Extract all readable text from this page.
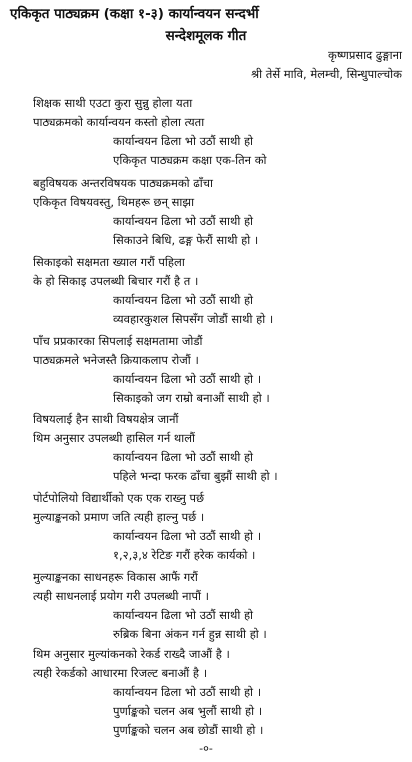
एकिकृत पाठ्यक्रम (कक्षा १-३) कार्यान्वयन सन्दर्भी
सन्देशमूलक गीत
कृष्णप्रसाद ढुङ्गाना
श्री तेर्से मावि, मेलम्ची, सिन्धुपाल्चोक
शिक्षक साथी एउटा कुरा सुन्नु होला यता
पाठ्यक्रमको कार्यान्वयन कस्तो होला त्यता
कार्यान्वयन ढिला भो उठौं साथी हो
एकिकृत पाठ्यक्रम कक्षा एक-तिन को
बहुविषयक अन्तरविषयक पाठ्यक्रमको ढाँचा
एकिकृत विषयवस्तु, थिमहरू छन् साझा
कार्यान्वयन ढिला भो उठौं साथी हो
सिकाउने बिधि, ढङ्ग फेरौं साथी हो ।
सिकाइको सक्षमता ख्याल गरौं पहिला
के हो सिकाइ उपलब्धी बिचार गरौं है त ।
कार्यान्वयन ढिला भो उठौं साथी हो
व्यवहारकुशल सिपसँग जोडौं साथी हो ।
पाँच प्रप्रकारका सिपलाई सक्षमतामा जोडौं
पाठ्यक्रमले भनेजस्तै क्रियाकलाप रोजौं ।
कार्यान्वयन ढिला भो उठौं साथी हो ।
सिकाइको जग राम्रो बनाऔं साथी हो ।
विषयलाई हैन साथी विषयक्षेत्र जानौं
थिम अनुसार उपलब्धी हासिल गर्न थालौं
कार्यान्वयन ढिला भो उठौं साथी हो
पहिले भन्दा फरक ढाँचा बुझौं साथी हो ।
पोर्टपोलियो विद्यार्थीको एक एक राख्नु पर्छ
मुल्याङ्कनको प्रमाण जति त्यही हाल्नु पर्छ ।
कार्यान्वयन ढिला भो उठौं साथी हो ।
१,२,३,४ रेटिङ गरौं हरेक कार्यको ।
मुल्याङ्कनका साधनहरू विकास आफैं गरौं
त्यही साधनलाई प्रयोग गरी उपलब्धी नापौं ।
कार्यान्वयन ढिला भो उठौं साथी हो
रुब्रिक बिना अंकन गर्न हुन्न साथी हो ।
थिम अनुसार मुल्यांकनको रेकर्ड राख्दै जाऔं है ।
त्यही रेकर्डको आधारमा रिजल्ट बनाऔं है ।
कार्यान्वयन ढिला भो उठौं साथी हो ।
पुर्णाङ्कको चलन अब भुलौं साथी हो ।
पुर्णाङ्कको चलन अब छोडौं साथी हो ।
-०-
